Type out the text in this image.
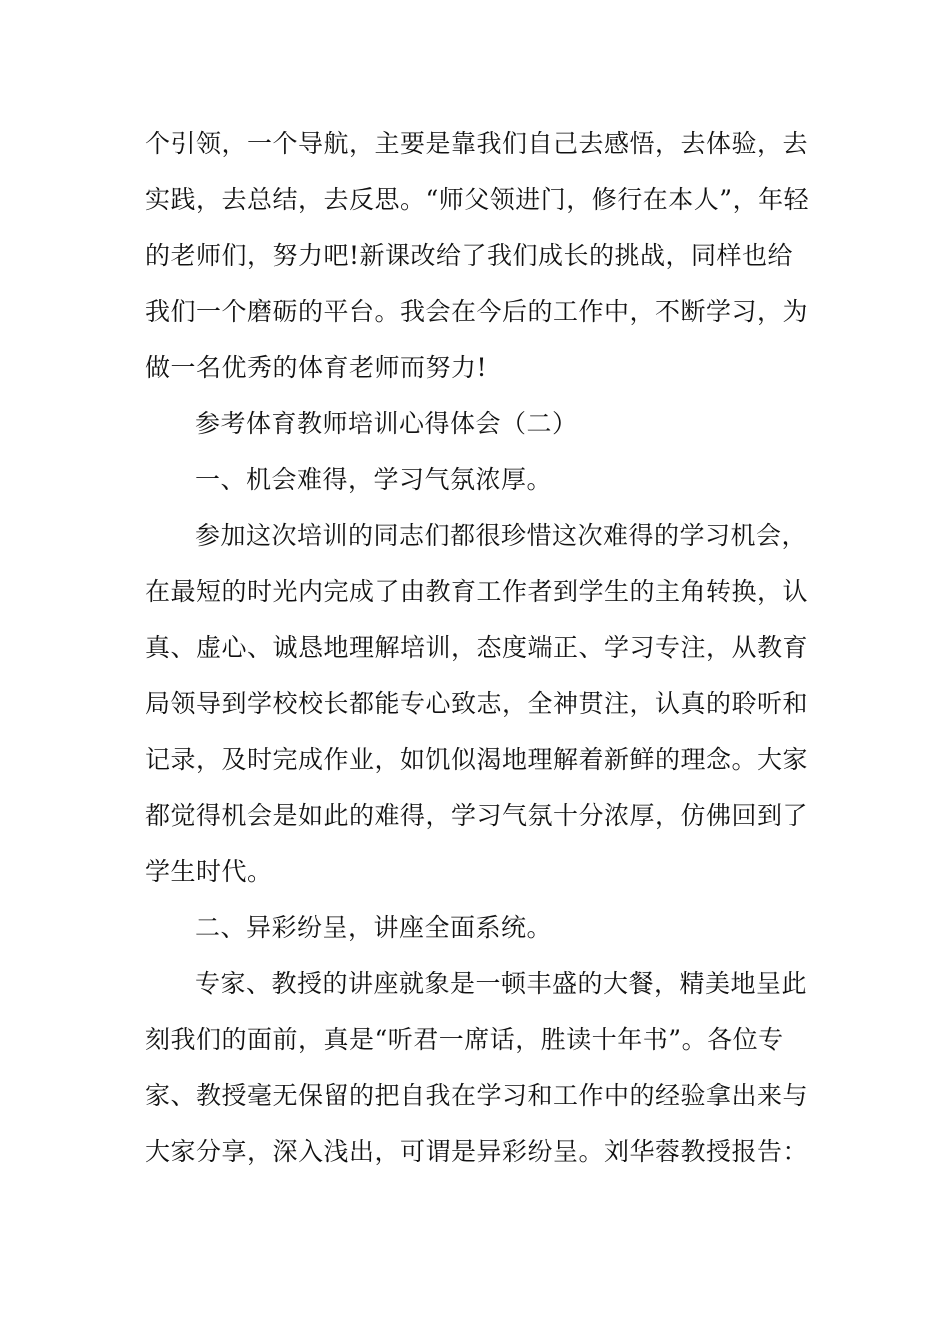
个引领，一个导航，主要是靠我们自己去感悟，去体验，去
实践，去总结，去反思。“师父领进门，修行在本人”，年轻
的老师们，努力吧!新课改给了我们成长的挑战，同样也给
我们一个磨砺的平台。我会在今后的工作中，不断学习，为
做一名优秀的体育老师而努力!
参考体育教师培训心得体会（二）
一、机会难得，学习气氛浓厚。
参加这次培训的同志们都很珍惜这次难得的学习机会，
在最短的时光内完成了由教育工作者到学生的主角转换，认
真、虚心、诚恳地理解培训，态度端正、学习专注，从教育
局领导到学校校长都能专心致志，全神贯注，认真的聆听和
记录，及时完成作业，如饥似渴地理解着新鲜的理念。大家
都觉得机会是如此的难得，学习气氛十分浓厚，仿佛回到了
学生时代。
二、异彩纷呈，讲座全面系统。
专家、教授的讲座就象是一顿丰盛的大餐，精美地呈此
刻我们的面前，真是“听君一席话，胜读十年书”。各位专
家、教授毫无保留的把自我在学习和工作中的经验拿出来与
大家分享，深入浅出，可谓是异彩纷呈。刘华蓉教授报告：
